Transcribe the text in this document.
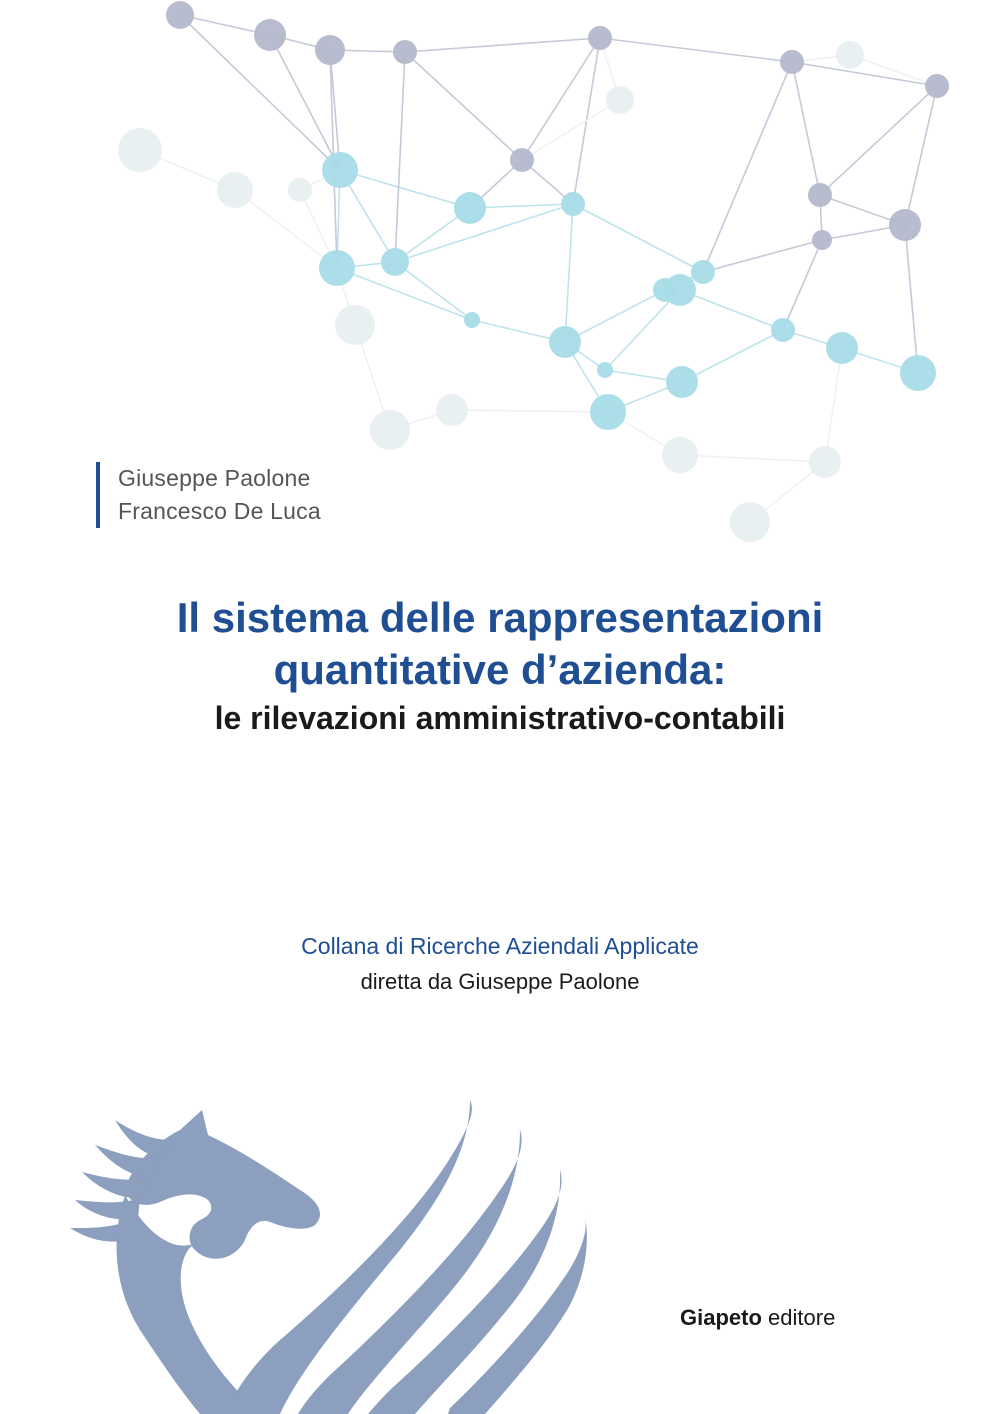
Giuseppe Paolone
Francesco De Luca
Il sistema delle rappresentazioni
quantitative d’azienda:
le rilevazioni amministrativo-contabili
Collana di Ricerche Aziendali Applicate
diretta da Giuseppe Paolone
Giapeto editore
